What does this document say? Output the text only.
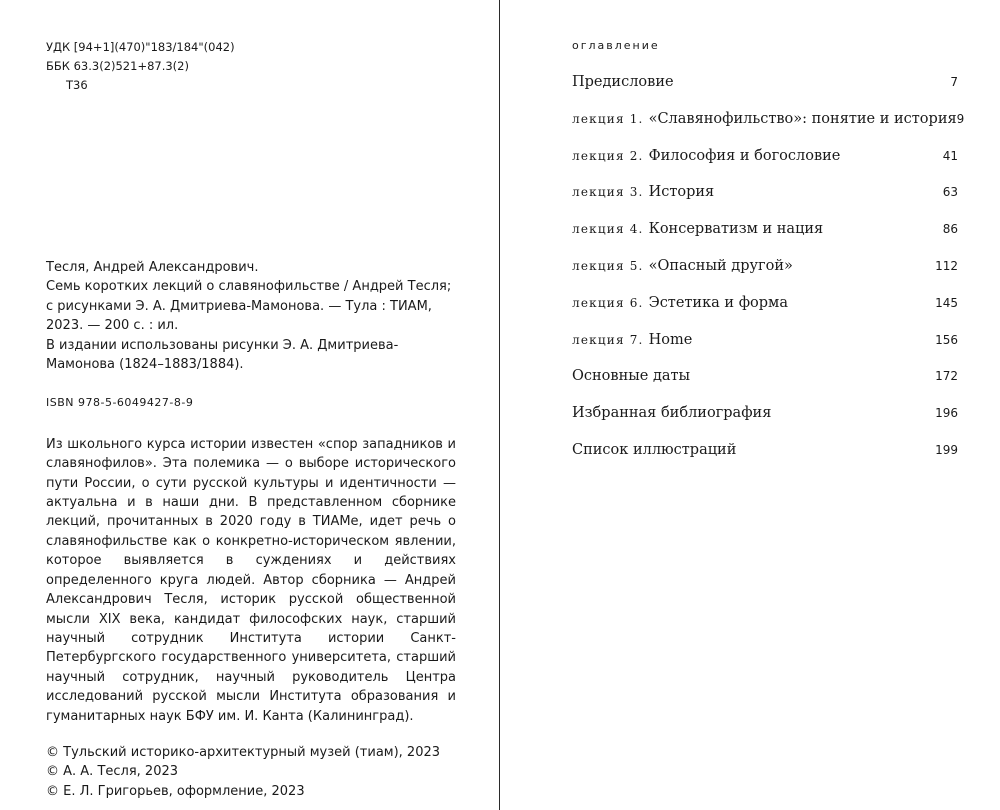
УДК [94+1](470)"183/184"(042)
ББК 63.3(2)521+87.3(2)
Т36

Тесля, Андрей Александрович.
Семь коротких лекций о славянофильстве / Андрей Тесля;
с рисунками Э. А. Дмитриева-Мамонова. — Тула : ТИАМ,
2023. — 200 с. : ил.
В издании использованы рисунки Э. А. Дмитриева-
Мамонова (1824–1883/1884).

ISBN 978-5-6049427-8-9

Из школьного курса истории известен «спор западников и славянофилов». Эта полемика — о выборе исторического пути России, о сути русской культуры и идентичности — актуальна и в наши дни. В представленном сборнике лекций, прочитанных в 2020 году в ТИАМе, идет речь о славянофильстве как о конкретно-историческом явлении, которое выявляется в суждениях и действиях определенного круга людей. Автор сборника — Андрей Александрович Тесля, историк русской общественной мысли XIX века, кандидат философских наук, старший научный сотрудник Института истории Санкт-Петербургского государственного университета, старший научный сотрудник, научный руководитель Центра исследований русской мысли Института образования и гуманитарных наук БФУ им. И. Канта (Калининград).

© Тульский историко-архитектурный музей (тиам), 2023
© А. А. Тесля, 2023
© Е. Л. Григорьев, оформление, 2023

оглавление
Предисловие	7
лекция 1. «Славянофильство»: понятие и история 9
лекция 2. Философия и богословие	41
лекция 3. История	63
лекция 4. Консерватизм и нация	86
лекция 5. «Опасный другой»	112
лекция 6. Эстетика и форма	145
лекция 7. Home	156
Основные даты	172
Избранная библиография	196
Список иллюстраций	199
